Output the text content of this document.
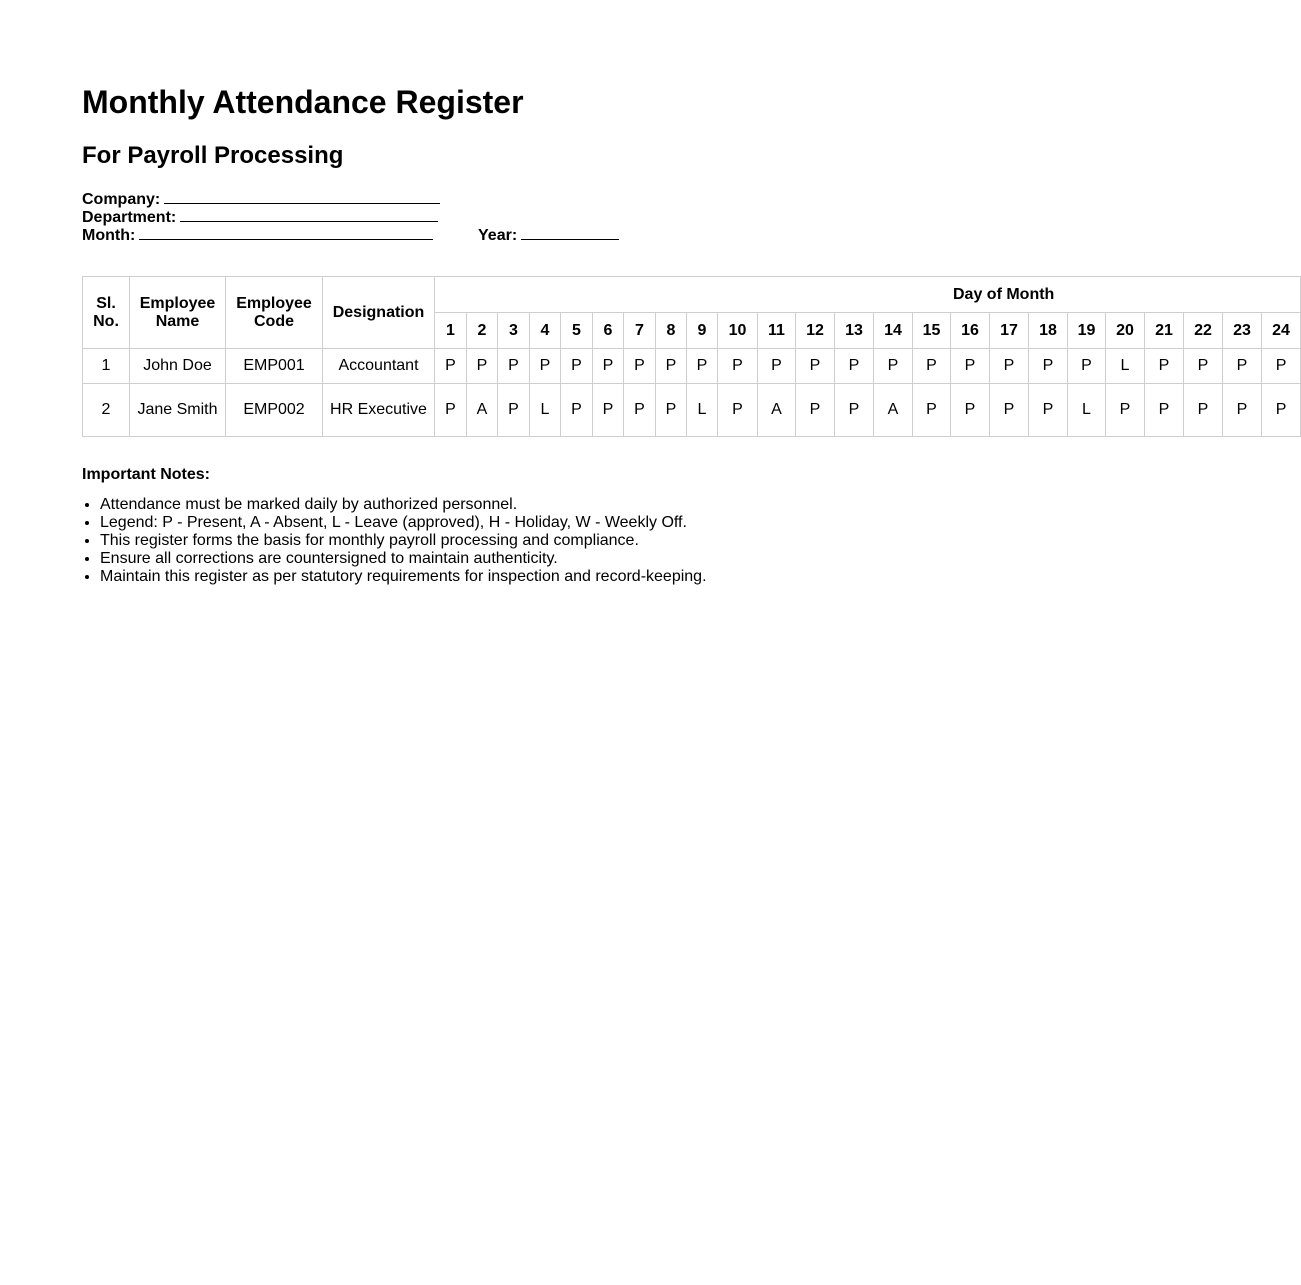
Monthly Attendance Register
For Payroll Processing
Company:
Department:
Month:	Year:
Sl. No.	Employee Name	Employee Code	Designation	Day of Month																							
				1	2	3	4	5	6	7	8	9	10	11	12	13	14	15	16	17	18	19	20	21	22	23	24
1	John Doe	EMP001	Accountant	P	P	P	P	P	P	P	P	P	P	P	P	P	P	P	P	P	P	P	L	P	P	P	P
2	Jane Smith	EMP002	HR Executive	P	A	P	L	P	P	P	P	L	P	A	P	P	A	P	P	P	P	L	P	P	P	P	P

Important Notes:

• Attendance must be marked daily by authorized personnel.
• Legend: P - Present, A - Absent, L - Leave (approved), H - Holiday, W - Weekly Off.
• This register forms the basis for monthly payroll processing and compliance.
• Ensure all corrections are countersigned to maintain authenticity.
• Maintain this register as per statutory requirements for inspection and record-keeping.
